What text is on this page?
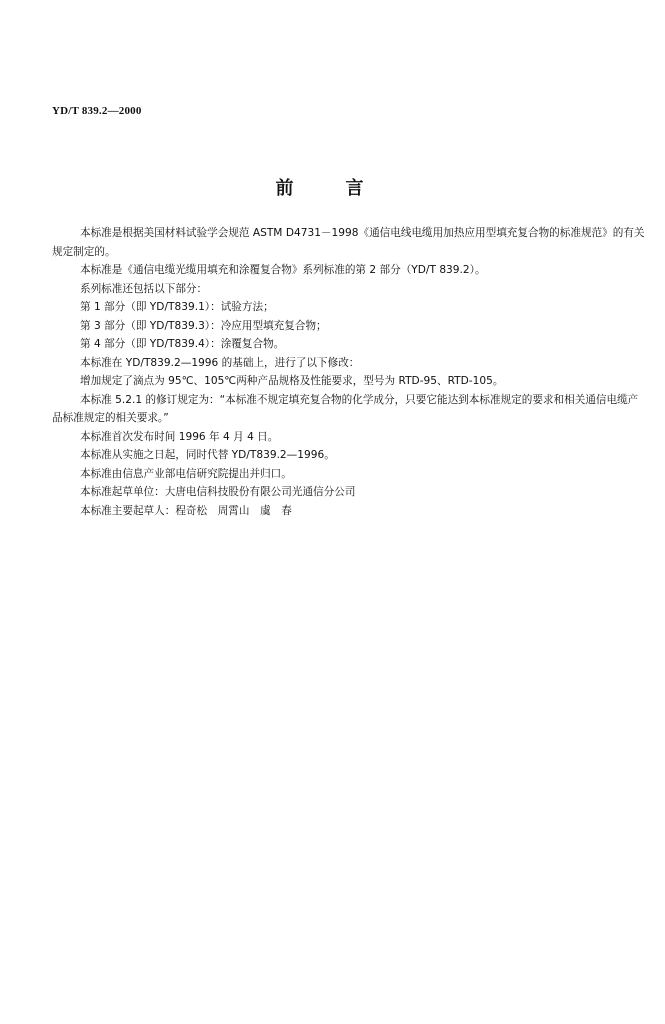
YD/T 839.2—2000
前言

本标准是根据美国材料试验学会规范 ASTM D4731－1998《通信电线电缆用加热应用型填充复合物的标准规范》的有关规定制定的。

本标准是《通信电缆光缆用填充和涂覆复合物》系列标准的第 2 部分（YD/T 839.2）。

系列标准还包括以下部分：

第 1 部分（即 YD/T839.1）：试验方法；

第 3 部分（即 YD/T839.3）：冷应用型填充复合物；

第 4 部分（即 YD/T839.4）：涂覆复合物。

本标准在 YD/T839.2—1996 的基础上，进行了以下修改：

增加规定了滴点为 95℃、105℃两种产品规格及性能要求，型号为 RTD-95、RTD-105。

本标准 5.2.1 的修订规定为：“本标准不规定填充复合物的化学成分，只要它能达到本标准规定的要求和相关通信电缆产品标准规定的相关要求。”

本标准首次发布时间 1996 年 4 月 4 日。

本标准从实施之日起，同时代替 YD/T839.2—1996。

本标准由信息产业部电信研究院提出并归口。

本标准起草单位：大唐电信科技股份有限公司光通信分公司

本标准主要起草人：程奇松　周霄山　虞　春
